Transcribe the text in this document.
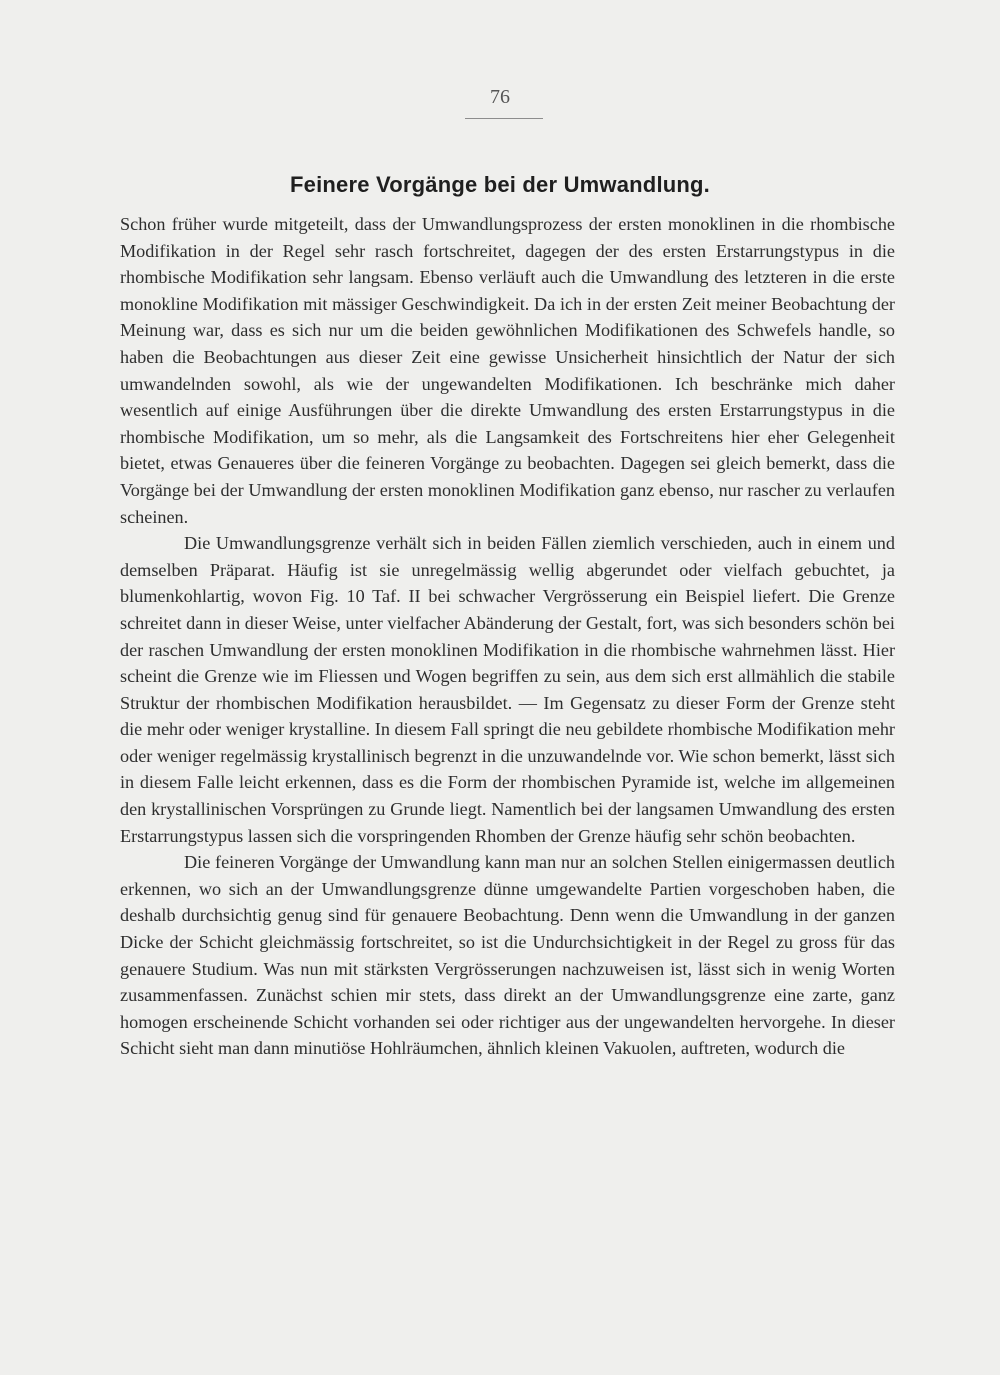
76
Feinere Vorgänge bei der Umwandlung.

Schon früher wurde mitgeteilt, dass der Umwandlungsprozess der ersten monoklinen in die rhombische Modifikation in der Regel sehr rasch fortschreitet, dagegen der des ersten Erstarrungstypus in die rhombische Modifikation sehr langsam. Ebenso verläuft auch die Umwandlung des letzteren in die erste monokline Modifikation mit mässiger Geschwindigkeit. Da ich in der ersten Zeit meiner Beobachtung der Meinung war, dass es sich nur um die beiden gewöhnlichen Modifikationen des Schwefels handle, so haben die Beobachtungen aus dieser Zeit eine gewisse Unsicherheit hinsichtlich der Natur der sich umwandelnden sowohl, als wie der ungewandelten Modifikationen. Ich beschränke mich daher wesentlich auf einige Ausführungen über die direkte Umwandlung des ersten Erstarrungstypus in die rhombische Modifikation, um so mehr, als die Langsamkeit des Fortschreitens hier eher Gelegenheit bietet, etwas Genaueres über die feineren Vorgänge zu beobachten. Dagegen sei gleich bemerkt, dass die Vorgänge bei der Umwandlung der ersten monoklinen Modifikation ganz ebenso, nur rascher zu verlaufen scheinen.

Die Umwandlungsgrenze verhält sich in beiden Fällen ziemlich verschieden, auch in einem und demselben Präparat. Häufig ist sie unregelmässig wellig abgerundet oder vielfach gebuchtet, ja blumenkohlartig, wovon Fig. 10 Taf. II bei schwacher Vergrösserung ein Beispiel liefert. Die Grenze schreitet dann in dieser Weise, unter vielfacher Abänderung der Gestalt, fort, was sich besonders schön bei der raschen Umwandlung der ersten monoklinen Modifikation in die rhombische wahrnehmen lässt. Hier scheint die Grenze wie im Fliessen und Wogen begriffen zu sein, aus dem sich erst allmählich die stabile Struktur der rhombischen Modifikation herausbildet. — Im Gegensatz zu dieser Form der Grenze steht die mehr oder weniger krystalline. In diesem Fall springt die neu gebildete rhombische Modifikation mehr oder weniger regelmässig krystallinisch begrenzt in die unzuwandelnde vor. Wie schon bemerkt, lässt sich in diesem Falle leicht erkennen, dass es die Form der rhombischen Pyramide ist, welche im allgemeinen den krystallinischen Vorsprüngen zu Grunde liegt. Namentlich bei der langsamen Umwandlung des ersten Erstarrungstypus lassen sich die vorspringenden Rhomben der Grenze häufig sehr schön beobachten.

Die feineren Vorgänge der Umwandlung kann man nur an solchen Stellen einigermassen deutlich erkennen, wo sich an der Umwandlungsgrenze dünne umgewandelte Partien vorgeschoben haben, die deshalb durchsichtig genug sind für genauere Beobachtung. Denn wenn die Umwandlung in der ganzen Dicke der Schicht gleichmässig fortschreitet, so ist die Undurchsichtigkeit in der Regel zu gross für das genauere Studium. Was nun mit stärksten Vergrösserungen nachzuweisen ist, lässt sich in wenig Worten zusammenfassen. Zunächst schien mir stets, dass direkt an der Umwandlungsgrenze eine zarte, ganz homogen erscheinende Schicht vorhanden sei oder richtiger aus der ungewandelten hervorgehe. In dieser Schicht sieht man dann minutiöse Hohlräumchen, ähnlich kleinen Vakuolen, auftreten, wodurch die
